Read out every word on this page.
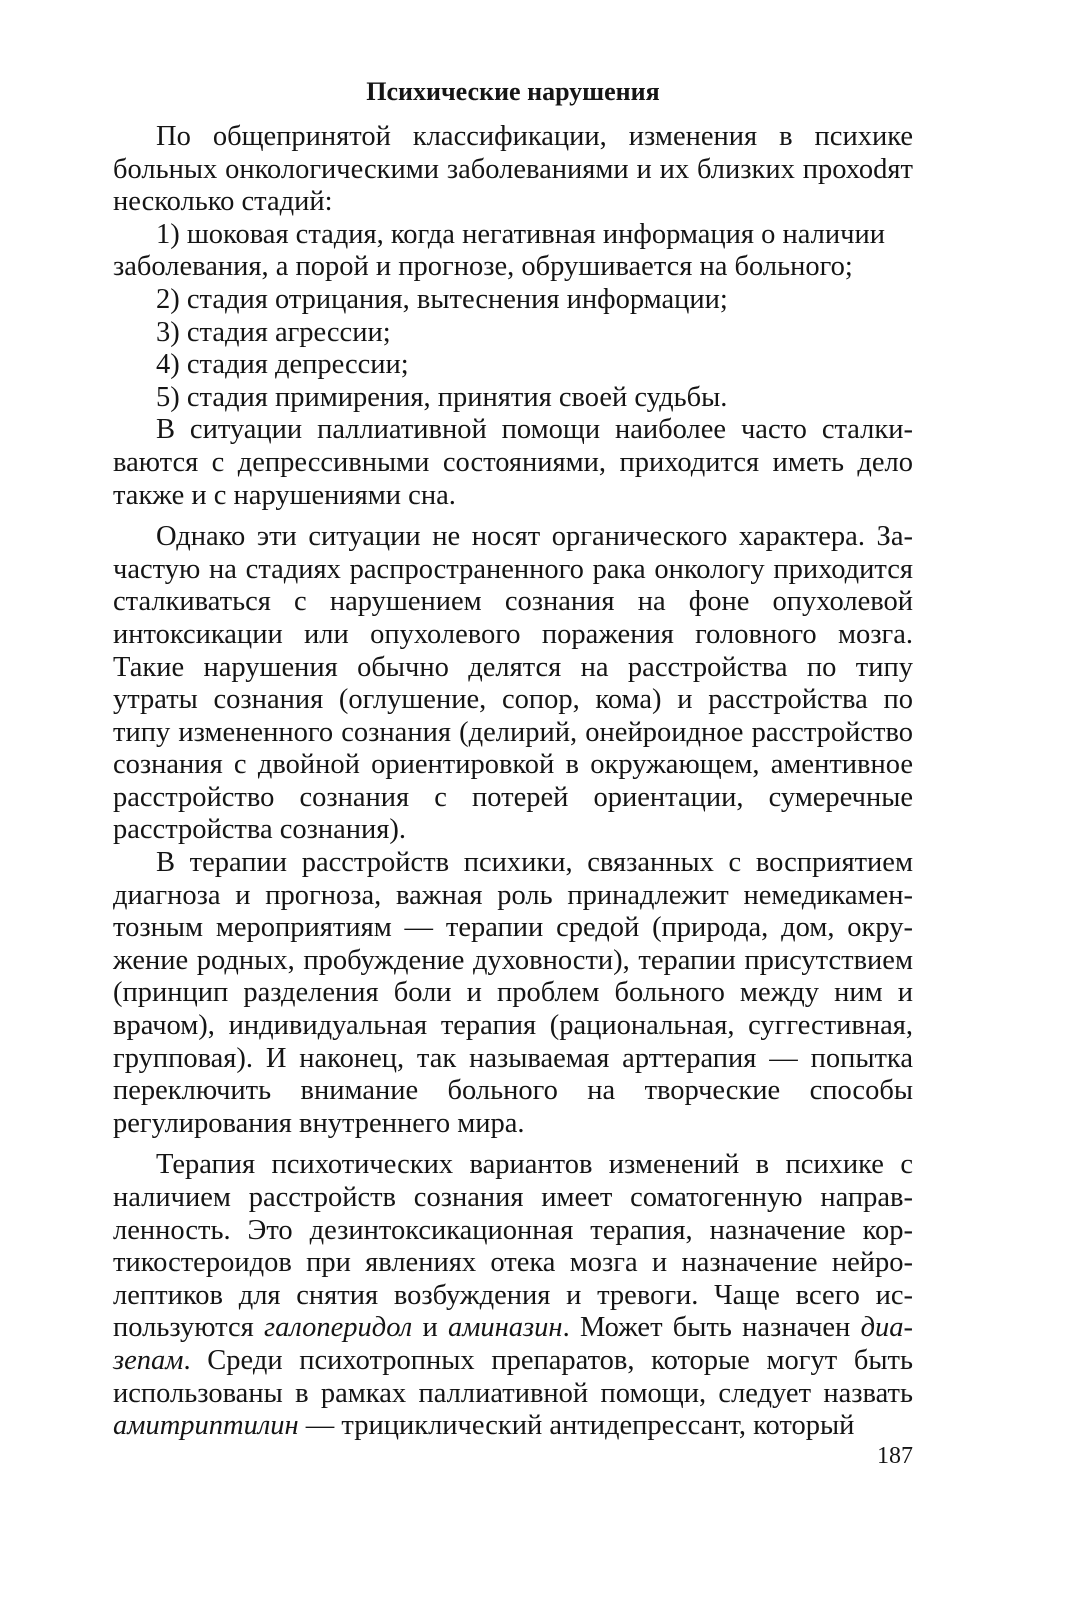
Психические нарушения

По общепринятой классификации, изменения в психике больных онкологическими заболеваниями и их близких прохоdят несколько стадий:

1) шоковая стадия, когда негативная информация о наличии заболевания, а порой и прогнозе, обрушивается на больного;

2) стадия отрицания, вытеснения информации;

3) стадия агрессии;

4) стадия депрессии;

5) стадия примирения, принятия своей судьбы.

В ситуации паллиативной помощи наиболее часто сталкиваются с депрессивными состояниями, приходится иметь дело также и с нарушениями сна.

Однако эти ситуации не носят органического характера. Зачастую на стадиях распространенного рака онкологу приходится сталкиваться с нарушением сознания на фоне опухолевой интоксикации или опухолевого поражения головного мозга. Такие нарушения обычно делятся на расстройства по типу утраты сознания (оглушение, сопор, кома) и расстройства по типу измененного сознания (делирий, онейроидное расстройство сознания с двойной ориентировкой в окружающем, аментивное расстройство сознания с потерей ориентации, сумеречные расстройства сознания).

В терапии расстройств психики, связанных с восприятием диагноза и прогноза, важная роль принадлежит немедикаментозным мероприятиям — терапии средой (природа, дом, окружение родных, пробуждение духовности), терапии присутствием (принцип разделения боли и проблем больного между ним и врачом), индивидуальная терапия (рациональная, суггестивная, групповая). И наконец, так называемая арттерапия — попытка переключить внимание больного на творческие способы регулирования внутреннего мира.

Терапия психотических вариантов изменений в психике с наличием расстройств сознания имеет соматогенную направленность. Это дезинтоксикационная терапия, назначение кортикостероидов при явлениях отека мозга и назначение нейролептиков для снятия возбуждения и тревоги. Чаще всего используются галоперидол и аминазин. Может быть назначен диазепам. Среди психотропных препаратов, которые могут быть использованы в рамках паллиативной помощи, следует назвать амитриптилин — трициклический антидепрессант, который

187
